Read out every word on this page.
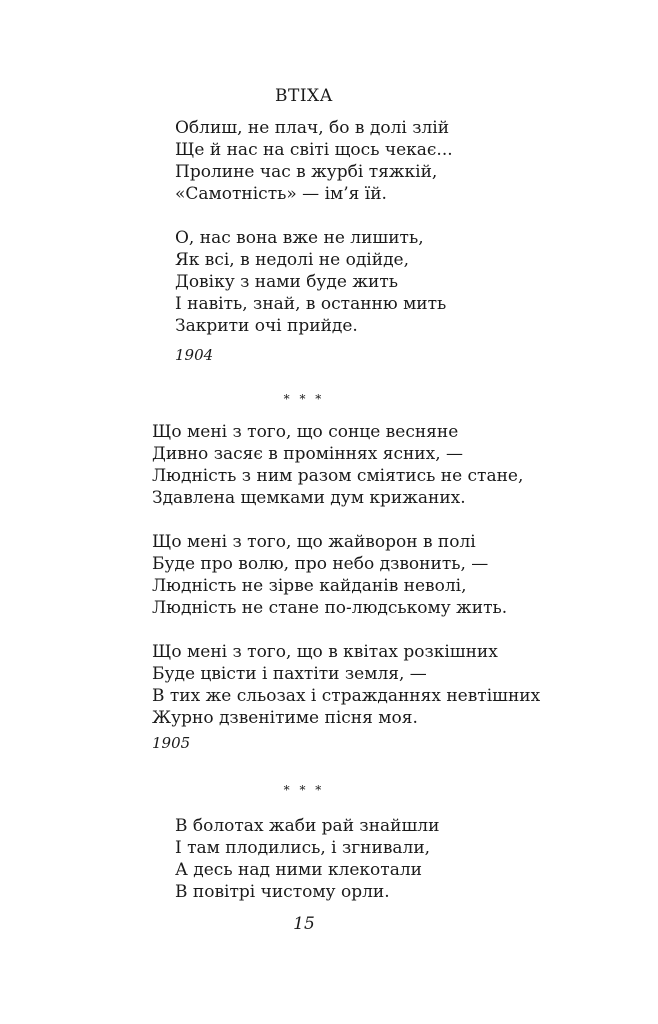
ВТІХА
Облиш, не плач, бо в долі злій
Ще й нас на світі щось чекає...
Пролине час в журбі тяжкій,
«Самотність» — ім’я їй.
О, нас вона вже не лишить,
Як всі, в недолі не одійде,
Довіку з нами буде жить
І навіть, знай, в останню мить
Закрити очі прийде.
1904
* * *
Що мені з того, що сонце весняне
Дивно засяє в проміннях ясних, —
Людність з ним разом сміятись не стане,
Здавлена щемками дум крижаних.
Що мені з того, що жайворон в полі
Буде про волю, про небо дзвонить, —
Людність не зірве кайданів неволі,
Людність не стане по-людському жить.
Що мені з того, що в квітах розкішних
Буде цвісти і пахтіти земля, —
В тих же сльозах і стражданнях невтішних
Журно дзвенітиме пісня моя.
1905
* * *
В болотах жаби рай знайшли
І там плодились, і згнивали,
А десь над ними клекотали
В повітрі чистому орли.
15
